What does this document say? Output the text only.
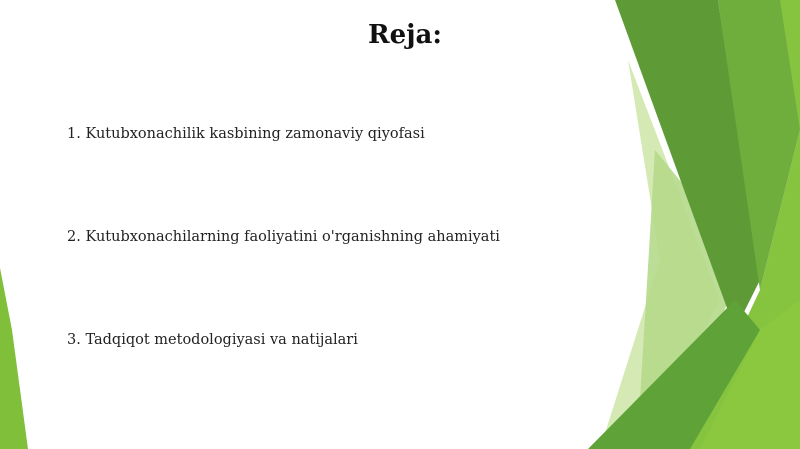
Reja:
1. Kutubxonachilik kasbining zamonaviy qiyofasi
2. Kutubxonachilarning faoliyatini o'rganishning ahamiyati
3. Tadqiqot metodologiyasi va natijalari
